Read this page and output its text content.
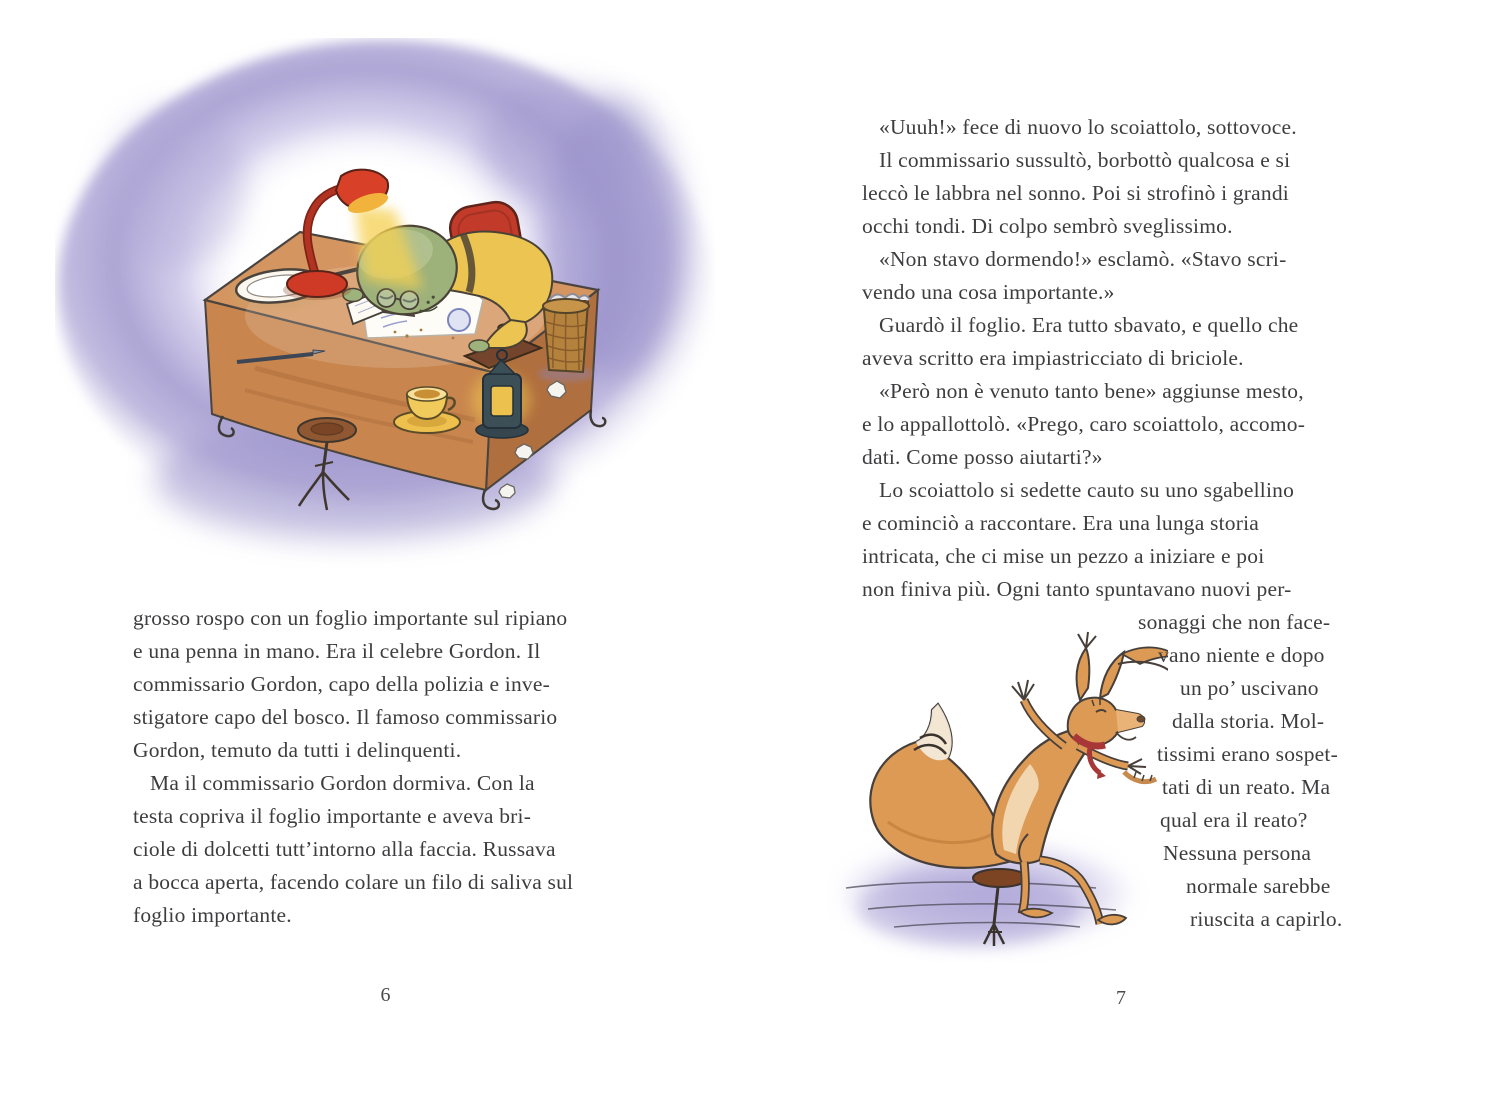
grosso rospo con un foglio importante sul ripiano
e una penna in mano. Era il celebre Gordon. Il
commissario Gordon, capo della polizia e inve-
stigatore capo del bosco. Il famoso commissario
Gordon, temuto da tutti i delinquenti.
Ma il commissario Gordon dormiva. Con la
testa copriva il foglio importante e aveva bri-
ciole di dolcetti tutt’intorno alla faccia. Russava
a bocca aperta, facendo colare un filo di saliva sul
foglio importante.
6
«Uuuh!» fece di nuovo lo scoiattolo, sottovoce.
Il commissario sussultò, borbottò qualcosa e si
leccò le labbra nel sonno. Poi si strofinò i grandi
occhi tondi. Di colpo sembrò sveglissimo.
«Non stavo dormendo!» esclamò. «Stavo scri-
vendo una cosa importante.»
Guardò il foglio. Era tutto sbavato, e quello che
aveva scritto era impiastricciato di briciole.
«Però non è venuto tanto bene» aggiunse mesto,
e lo appallottolò. «Prego, caro scoiattolo, accomo-
dati. Come posso aiutarti?»
Lo scoiattolo si sedette cauto su uno sgabellino
e cominciò a raccontare. Era una lunga storia
intricata, che ci mise un pezzo a iniziare e poi
non finiva più. Ogni tanto spuntavano nuovi per-
sonaggi che non face-
vano niente e dopo
un po’ uscivano
dalla storia. Mol-
tissimi erano sospet-
tati di un reato. Ma
qual era il reato?
Nessuna persona
normale sarebbe
riuscita a capirlo.
7
